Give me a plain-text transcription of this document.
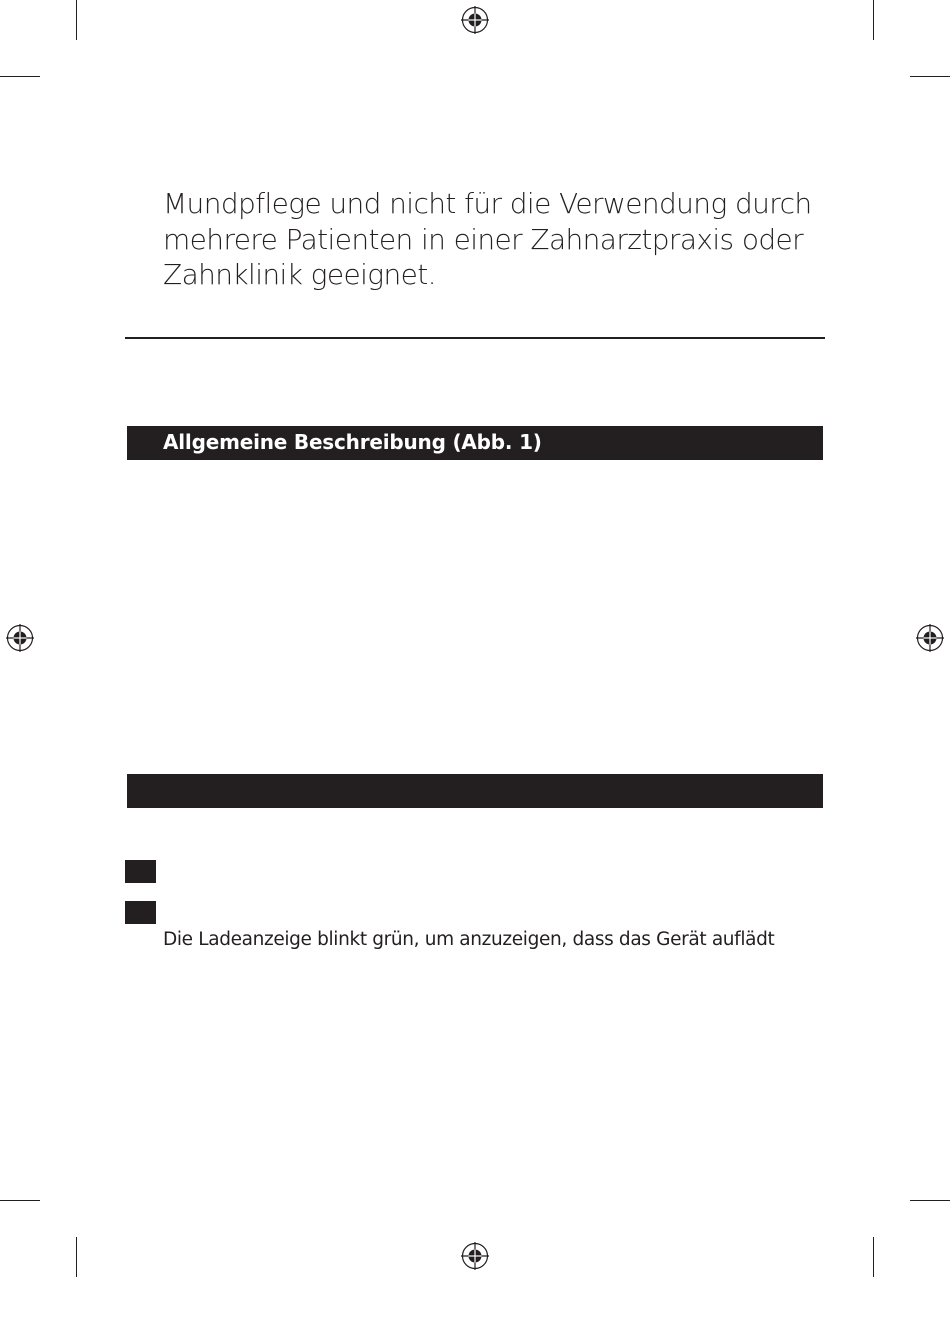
Mundpflege und nicht für die Verwendung durch
mehrere Patienten in einer Zahnarztpraxis oder
Zahnklinik geeignet.

Allgemeine Beschreibung (Abb. 1)

Die Ladeanzeige blinkt grün, um anzuzeigen, dass das Gerät auflädt
